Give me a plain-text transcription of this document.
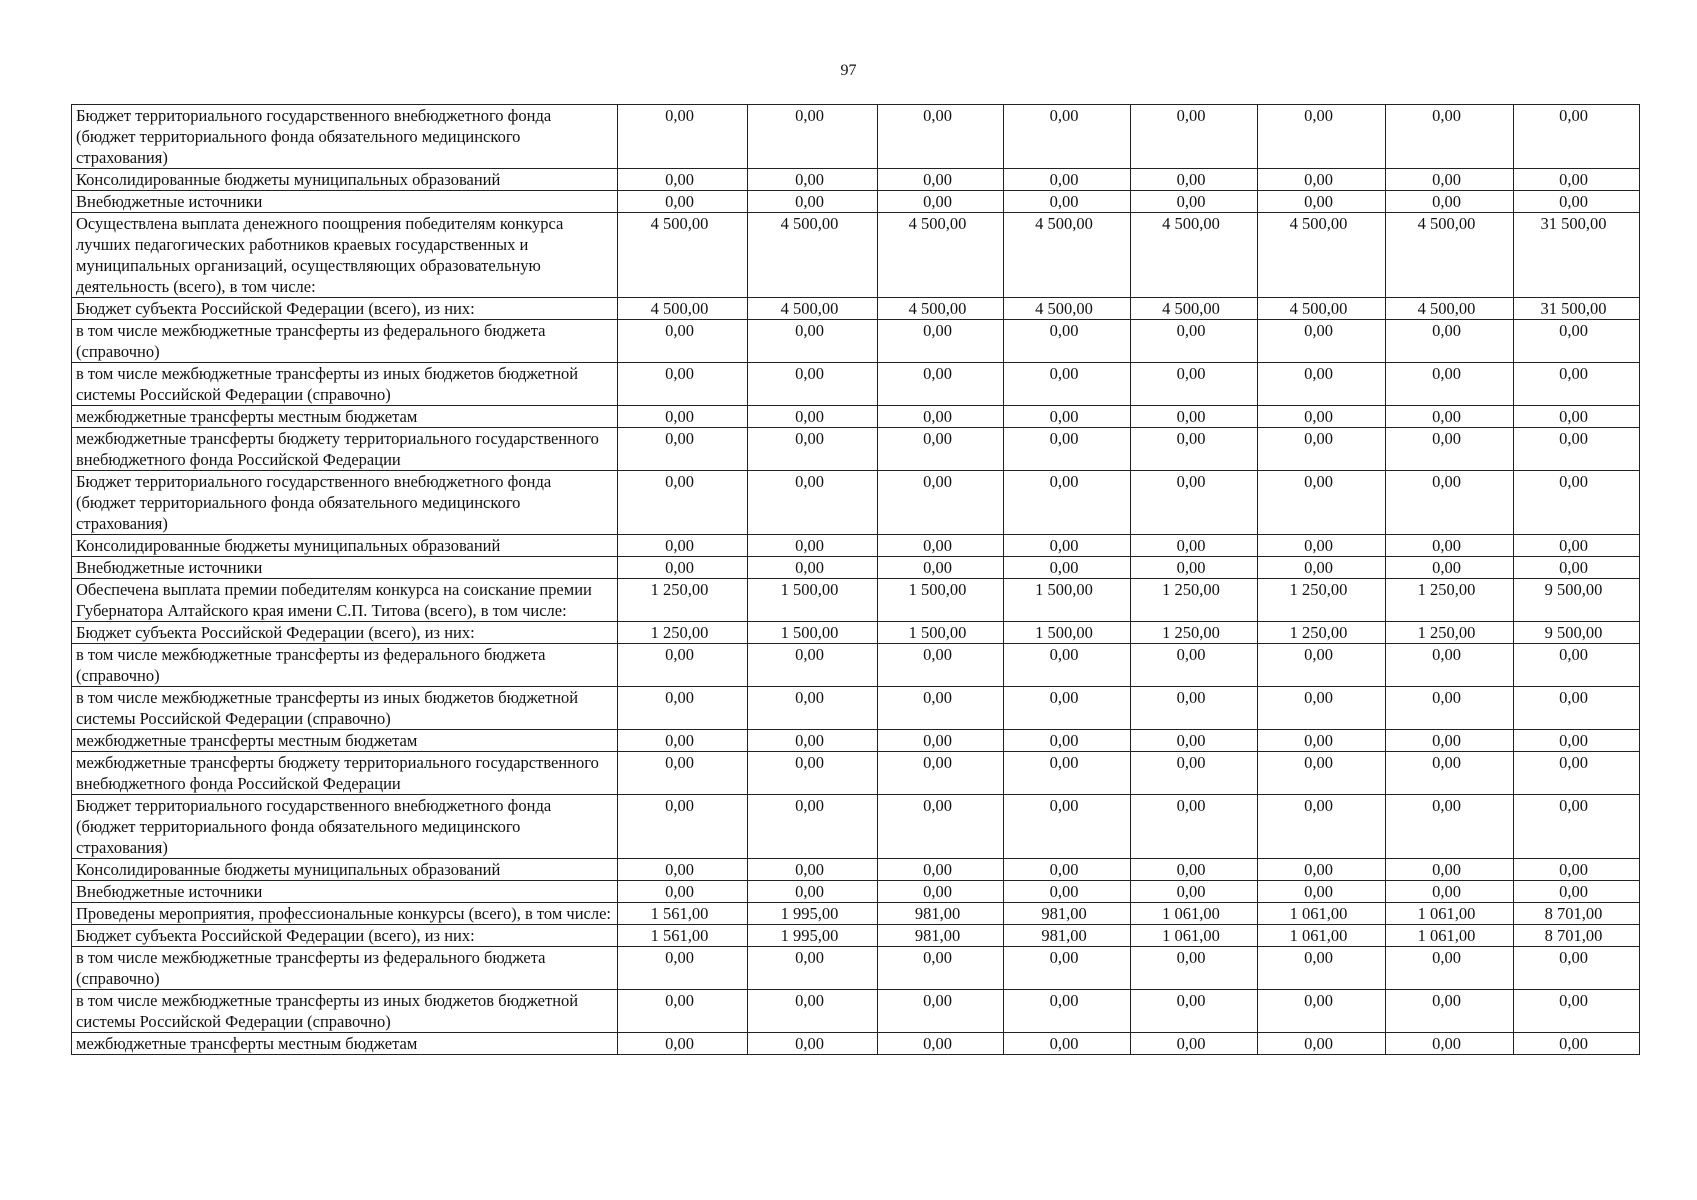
97
Бюджет территориального государственного внебюджетного фонда (бюджет территориального фонда обязательного медицинского страхования)	0,00	0,00	0,00	0,00	0,00	0,00	0,00	0,00
Консолидированные бюджеты муниципальных образований	0,00	0,00	0,00	0,00	0,00	0,00	0,00	0,00
Внебюджетные источники	0,00	0,00	0,00	0,00	0,00	0,00	0,00	0,00
Осуществлена выплата денежного поощрения победителям конкурса лучших педагогических работников краевых государственных и муниципальных организаций, осуществляющих образовательную деятельность (всего), в том числе:	4 500,00	4 500,00	4 500,00	4 500,00	4 500,00	4 500,00	4 500,00	31 500,00
Бюджет субъекта Российской Федерации (всего), из них:	4 500,00	4 500,00	4 500,00	4 500,00	4 500,00	4 500,00	4 500,00	31 500,00
в том числе межбюджетные трансферты из федерального бюджета (справочно)	0,00	0,00	0,00	0,00	0,00	0,00	0,00	0,00
в том числе межбюджетные трансферты из иных бюджетов бюджетной системы Российской Федерации (справочно)	0,00	0,00	0,00	0,00	0,00	0,00	0,00	0,00
межбюджетные трансферты местным бюджетам	0,00	0,00	0,00	0,00	0,00	0,00	0,00	0,00
межбюджетные трансферты бюджету территориального государственного внебюджетного фонда Российской Федерации	0,00	0,00	0,00	0,00	0,00	0,00	0,00	0,00
Бюджет территориального государственного внебюджетного фонда (бюджет территориального фонда обязательного медицинского страхования)	0,00	0,00	0,00	0,00	0,00	0,00	0,00	0,00
Консолидированные бюджеты муниципальных образований	0,00	0,00	0,00	0,00	0,00	0,00	0,00	0,00
Внебюджетные источники	0,00	0,00	0,00	0,00	0,00	0,00	0,00	0,00
Обеспечена выплата премии победителям конкурса на соискание премии Губернатора Алтайского края имени С.П. Титова (всего), в том числе:	1 250,00	1 500,00	1 500,00	1 500,00	1 250,00	1 250,00	1 250,00	9 500,00
Бюджет субъекта Российской Федерации (всего), из них:	1 250,00	1 500,00	1 500,00	1 500,00	1 250,00	1 250,00	1 250,00	9 500,00
в том числе межбюджетные трансферты из федерального бюджета (справочно)	0,00	0,00	0,00	0,00	0,00	0,00	0,00	0,00
в том числе межбюджетные трансферты из иных бюджетов бюджетной системы Российской Федерации (справочно)	0,00	0,00	0,00	0,00	0,00	0,00	0,00	0,00
межбюджетные трансферты местным бюджетам	0,00	0,00	0,00	0,00	0,00	0,00	0,00	0,00
межбюджетные трансферты бюджету территориального государственного внебюджетного фонда Российской Федерации	0,00	0,00	0,00	0,00	0,00	0,00	0,00	0,00
Бюджет территориального государственного внебюджетного фонда (бюджет территориального фонда обязательного медицинского страхования)	0,00	0,00	0,00	0,00	0,00	0,00	0,00	0,00
Консолидированные бюджеты муниципальных образований	0,00	0,00	0,00	0,00	0,00	0,00	0,00	0,00
Внебюджетные источники	0,00	0,00	0,00	0,00	0,00	0,00	0,00	0,00
Проведены мероприятия, профессиональные конкурсы (всего), в том числе:	1 561,00	1 995,00	981,00	981,00	1 061,00	1 061,00	1 061,00	8 701,00
Бюджет субъекта Российской Федерации (всего), из них:	1 561,00	1 995,00	981,00	981,00	1 061,00	1 061,00	1 061,00	8 701,00
в том числе межбюджетные трансферты из федерального бюджета (справочно)	0,00	0,00	0,00	0,00	0,00	0,00	0,00	0,00
в том числе межбюджетные трансферты из иных бюджетов бюджетной системы Российской Федерации (справочно)	0,00	0,00	0,00	0,00	0,00	0,00	0,00	0,00
межбюджетные трансферты местным бюджетам	0,00	0,00	0,00	0,00	0,00	0,00	0,00	0,00
